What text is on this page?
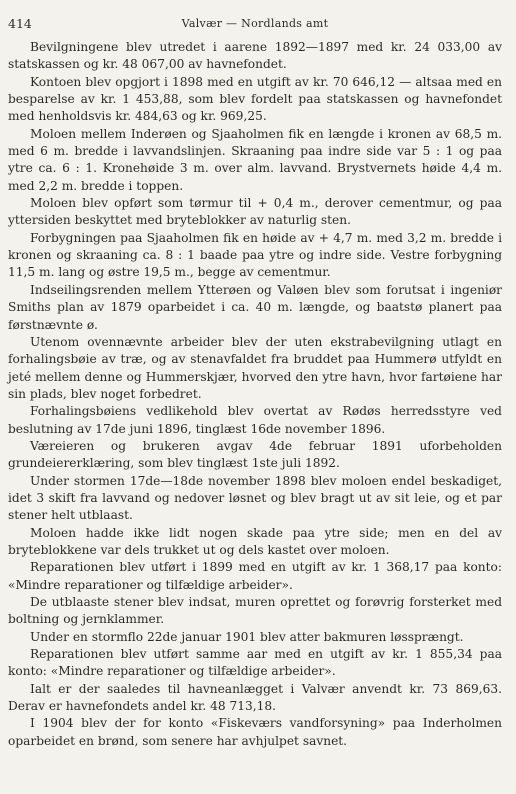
414	Valvær — Nordlands amt

Bevilgningene blev utredet i aarene 1892—1897 med kr. 24 033,00 av statskassen og kr. 48 067,00 av havnefondet.

Kontoen blev opgjort i 1898 med en utgift av kr. 70 646,12 — altsaa med en besparelse av kr. 1 453,88, som blev fordelt paa statskassen og havnefondet med henholdsvis kr. 484,63 og kr. 969,25.

Moloen mellem Inderøen og Sjaaholmen fik en længde i kronen av 68,5 m. med 6 m. bredde i lavvandslinjen. Skraaning paa indre side var 5 : 1 og paa ytre ca. 6 : 1. Kronehøide 3 m. over alm. lavvand. Brystvernets høide 4,4 m. med 2,2 m. bredde i toppen.

Moloen blev opført som tørmur til + 0,4 m., derover cementmur, og paa yttersiden beskyttet med bryteblokker av naturlig sten.

Forbygningen paa Sjaaholmen fik en høide av + 4,7 m. med 3,2 m. bredde i kronen og skraaning ca. 8 : 1 baade paa ytre og indre side. Vestre forbygning 11,5 m. lang og østre 19,5 m., begge av cementmur.

Indseilingsrenden mellem Ytterøen og Valøen blev som forutsat i ingeniør Smiths plan av 1879 oparbeidet i ca. 40 m. længde, og baatstø planert paa førstnævnte ø.

Utenom ovennævnte arbeider blev der uten ekstrabevilgning utlagt en forhalingsbøie av træ, og av stenavfaldet fra bruddet paa Hummerø utfyldt en jeté mellem denne og Hummerskjær, hvorved den ytre havn, hvor fartøiene har sin plads, blev noget forbedret.

Forhalingsbøiens vedlikehold blev overtat av Rødøs herredsstyre ved beslutning av 17de juni 1896, tinglæst 16de november 1896.

Væreieren og brukeren avgav 4de februar 1891 uforbeholden grundeiererklæring, som blev tinglæst 1ste juli 1892.

Under stormen 17de—18de november 1898 blev moloen endel beskadiget, idet 3 skift fra lavvand og nedover løsnet og blev bragt ut av sit leie, og et par stener helt utblaast.

Moloen hadde ikke lidt nogen skade paa ytre side; men en del av bryteblokkene var dels trukket ut og dels kastet over moloen.

Reparationen blev utført i 1899 med en utgift av kr. 1 368,17 paa konto: «Mindre reparationer og tilfældige arbeider».

De utblaaste stener blev indsat, muren oprettet og forøvrig forsterket med boltning og jernklammer.

Under en stormflo 22de januar 1901 blev atter bakmuren løssprængt.

Reparationen blev utført samme aar med en utgift av kr. 1 855,34 paa konto: «Mindre reparationer og tilfældige arbeider».

Ialt er der saaledes til havneanlægget i Valvær anvendt kr. 73 869,63. Derav er havnefondets andel kr. 48 713,18.

I 1904 blev der for konto «Fiskeværs vandforsyning» paa Inderholmen oparbeidet en brønd, som senere har avhjulpet savnet.
